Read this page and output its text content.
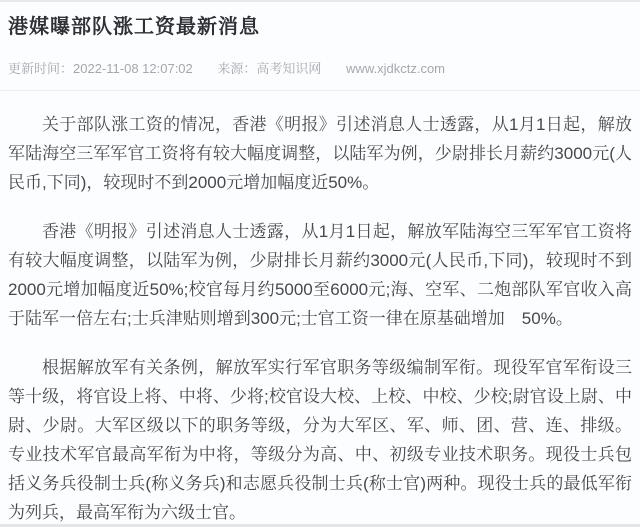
港媒曝部队涨工资最新消息
更新时间：2022-11-08 12:07:02 来源：高考知识网 www.xjdkctz.com

关于部队涨工资的情况，香港《明报》引述消息人士透露，从1月1日起，解放军陆海空三军军官工资将有较大幅度调整，以陆军为例，少尉排长月薪约3000元(人民币,下同)，较现时不到2000元增加幅度近50%。

香港《明报》引述消息人士透露，从1月1日起，解放军陆海空三军军官工资将有较大幅度调整，以陆军为例，少尉排长月薪约3000元(人民币,下同)，较现时不到2000元增加幅度近50%;校官每月约5000至6000元;海、空军、二炮部队军官收入高于陆军一倍左右;士兵津贴则增到300元;士官工资一律在原基础增加　50%。

根据解放军有关条例，解放军实行军官职务等级编制军衔。现役军官军衔设三等十级，将官设上将、中将、少将;校官设大校、上校、中校、少校;尉官设上尉、中尉、少尉。大军区级以下的职务等级，分为大军区、军、师、团、营、连、排级。专业技术军官最高军衔为中将，等级分为高、中、初级专业技术职务。现役士兵包括义务兵役制士兵(称义务兵)和志愿兵役制士兵(称士官)两种。现役士兵的最低军衔为列兵，最高军衔为六级士官。
